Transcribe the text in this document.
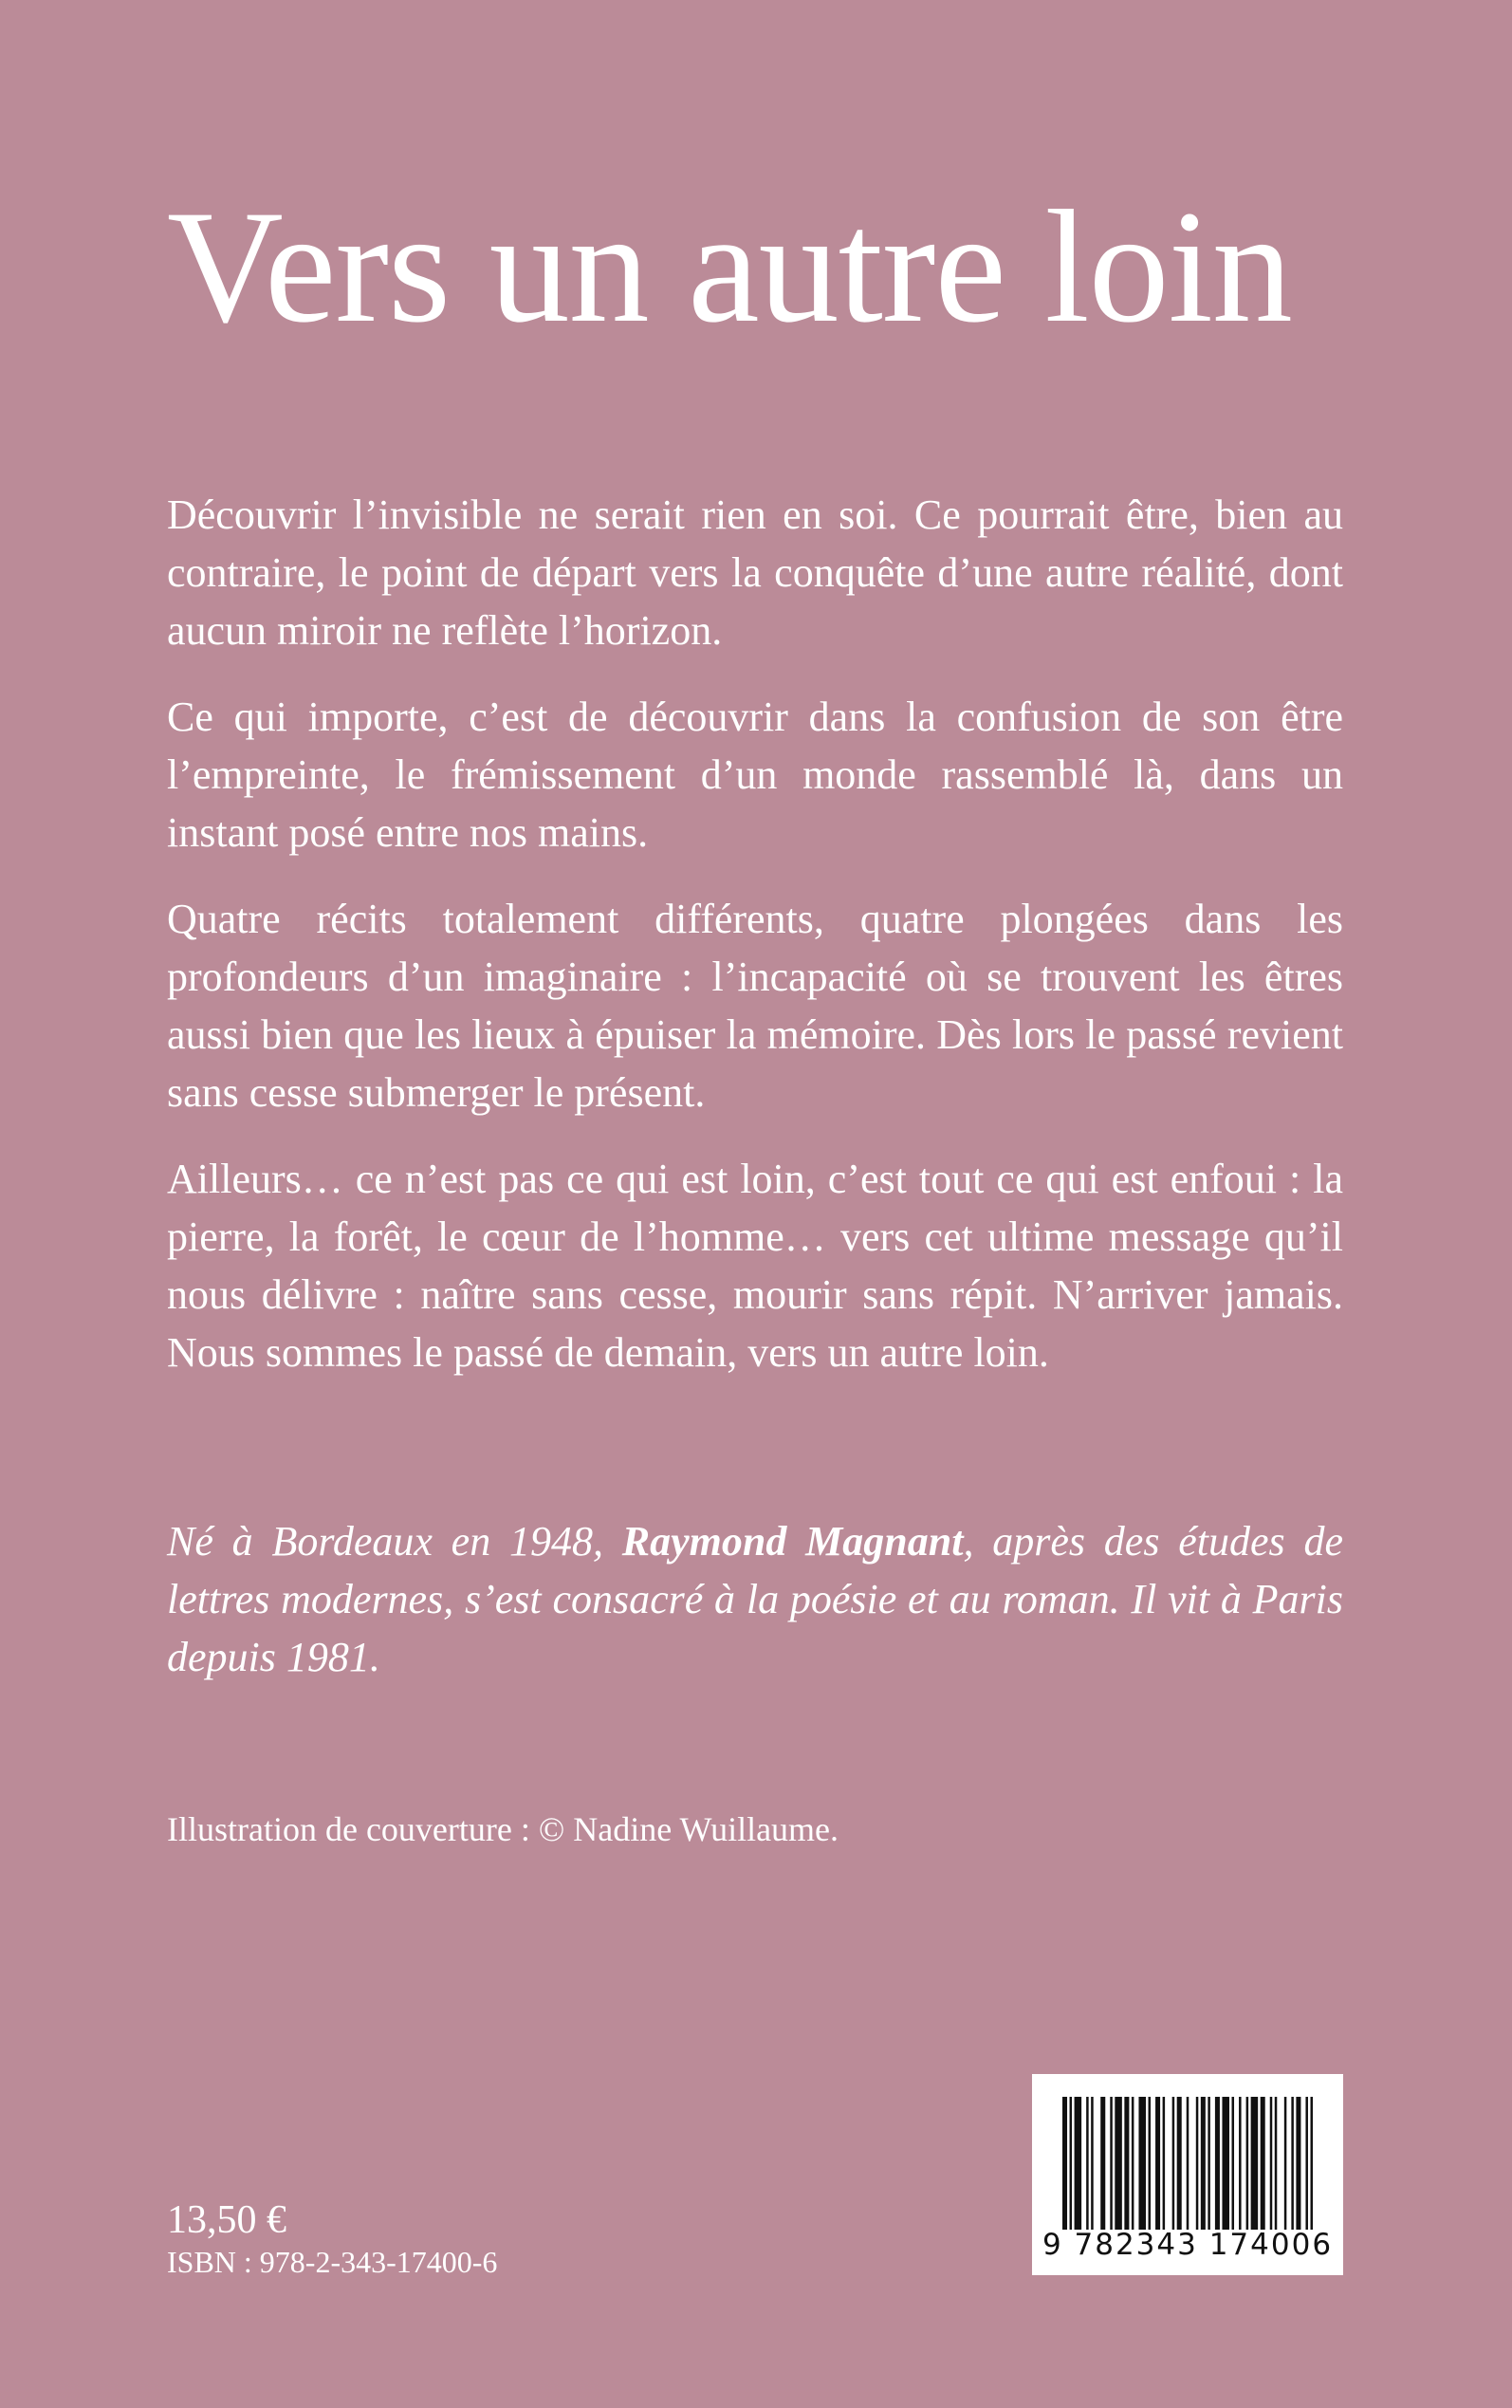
Vers un autre loin

Découvrir l’invisible ne serait rien en soi. Ce pourrait être, bien au contraire, le point de départ vers la conquête d’une autre réalité, dont aucun miroir ne reflète l’horizon.

Ce qui importe, c’est de découvrir dans la confusion de son être l’empreinte, le frémissement d’un monde rassemblé là, dans un instant posé entre nos mains.

Quatre récits totalement différents, quatre plongées dans les profondeurs d’un imaginaire : l’incapacité où se trouvent les êtres aussi bien que les lieux à épuiser la mémoire. Dès lors le passé revient sans cesse submerger le présent.

Ailleurs… ce n’est pas ce qui est loin, c’est tout ce qui est enfoui : la pierre, la forêt, le cœur de l’homme… vers cet ultime message qu’il nous délivre : naître sans cesse, mourir sans répit. N’arriver jamais. Nous sommes le passé de demain, vers un autre loin.

Né à Bordeaux en 1948, Raymond Magnant, après des études de lettres modernes, s’est consacré à la poésie et au roman. Il vit à Paris depuis 1981.

Illustration de couverture : © Nadine Wuillaume.

13,50 €

ISBN : 978-2-343-17400-6	9 782343 174006
